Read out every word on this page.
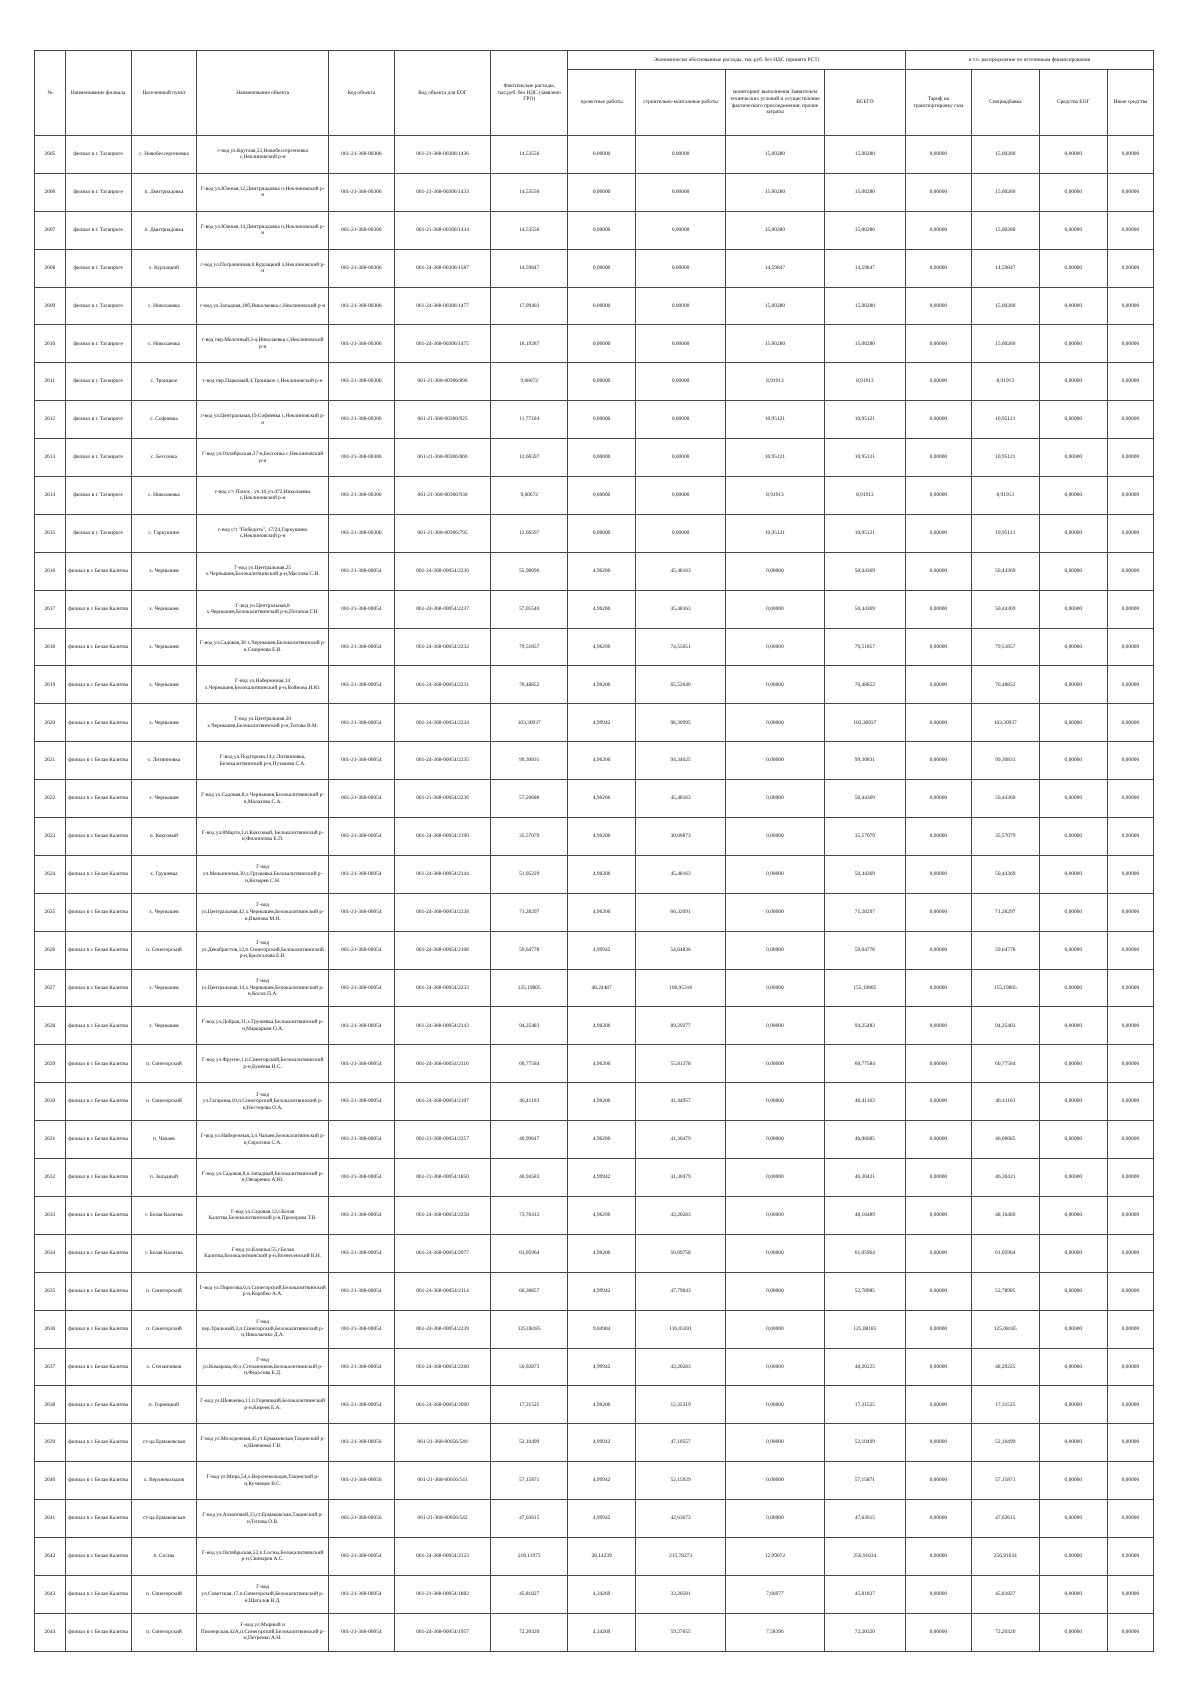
№	Наименование филиала	Населенный пункт	Наименование объекта	Код объекта	Код объекта для ЕОГ	Фактические расходы, тыс.руб. без НДС (заявлено ГРО)	Экономически обоснованные расходы, тыс.руб. без НДС (принято РСТ)				в т.ч. распределение по источникам финансирования			
							проектные работы	строительно-монтажные работы	мониторинг выполнения Заявителем технических условий и осуществление фактического присоединения; прочие затраты	ВСЕГО	Тариф на транспортировку газа	Спецнадбавка	Средства ЕОГ	Иные средства
2605	филиал в г. Таганроге	с. Новобессергеновка	г-вод ул.Круглая,53,Новобессергеновка с,Неклиновский р-н	061-21-368-00306	061-21-368-00306/1436	14,53556	0,00000	0,00000	15,00280	15,00280	0,00000	15,00280	0,00000	0,00000
2606	филиал в г. Таганроге	п. Дмитриадовка	Г-вод ул.Южная,12,Дмитриадовка п,Неклиновский р-н	061-21-368-00306	061-21-368-00306/1433	14,53556	0,00000	0,00000	15,00280	15,00280	0,00000	15,00280	0,00000	0,00000
2607	филиал в г. Таганроге	п. Дмитриадовка	Г-вод ул.Южная,14,Дмитриадовка п,Неклиновский р-н	061-21-368-00306	061-21-368-00306/1434	14,53556	0,00000	0,00000	15,00280	15,00280	0,00000	15,00280	0,00000	0,00000
2608	филиал в г. Таганроге	х. Курлацкий	г-вод ул.Пограничная,8,Курлацкий х,Неклиновский р-н	061-21-368-00306	061-24-368-00306/1587	14,59847	0,00000	0,00000	14,59847	14,59847	0,00000	14,59847	0,00000	0,00000
2609	филиал в г. Таганроге	с. Николаевка	г-вод ул.Западная,18б,Николаевка с,Неклиновский р-н	061-21-368-00306	061-24-368-00306/1477	17,09403	0,00000	0,00000	15,00280	15,00280	0,00000	15,00280	0,00000	0,00000
2610	филиал в г. Таганроге	с. Николаевка	г-вод пер.Молочный,3-а,Николаевка с,Неклиновский р-н	061-21-368-00306	061-24-368-00306/1475	18,19287	0,00000	0,00000	15,00280	15,00280	0,00000	15,00280	0,00000	0,00000
2611	филиал в г. Таганроге	с. Троицкое	г-вод пер.Парковый,4,Троицкое с,Неклиновский р-н	061-21-368-00306	061-21-368-00306/896	9,68672	0,00000	0,00000	8,91913	8,91913	0,00000	8,91913	0,00000	0,00000
2612	филиал в г. Таганроге	с. Софиевка	г-вод ул.Центральная,19,Софиевка с,Неклиновский р-н	061-21-368-00306	061-21-368-00306/925	11,77104	0,00000	0,00000	10,95121	10,95121	0,00000	10,95121	0,00000	0,00000
2613	филиал в г. Таганроге	с. Бессонка	Г-вод ул.Октябрьская,37-в,Бессонка с,Неклиновский р-н	061-21-368-00306	061-21-368-00306/866	12,66597	0,00000	0,00000	10,95121	10,95121	0,00000	10,95121	0,00000	0,00000
2614	филиал в г. Таганроге	с. Николаевка	г-вод с/т Поиск , уч.16,уч.472,Николаевка с,Неклиновский р-н	061-21-368-00306	061-21-368-00306/930	9,60672	0,00000	0,00000	8,91913	8,91913	0,00000	8,91913	0,00000	0,00000
2615	филиал в г. Таганроге	с. Гаркушино	г-вод с/т "Победить", 17/24,Гаркушино с,Неклиновский р-н	061-21-368-00306	061-21-368-00306/795	12,66597	0,00000	0,00000	10,95121	10,95121	0,00000	10,95121	0,00000	0,00000
2616	филиал в г. Белая Калитва	х. Чернышев	Г-вод ул.Центральная,25 х.Чернышев,Белокалитвинский р-н,Маслова С.И.	061-21-368-00054	061-24-368-00054/2236	55,98096	4,96206	45,48163	0,00000	50,44369	0,00000	50,44369	0,00000	0,00000
2617	филиал в г. Белая Калитва	х. Чернышев	Г-вод ул.Центральная,8 х.Чернышев,Белокалитвинский р-н,Потапов Г.Н.	061-21-368-00054	061-24-368-00054/2237	57,05540	4,96206	45,48163	0,00000	50,44369	0,00000	50,44369	0,00000	0,00000
2618	филиал в г. Белая Калитва	х. Чернышев	Г-вод ул.Садовая,38 х.Чернышев,Белокалитвинский р-н,Смирнова Е.В.	061-21-368-00054	061-24-368-00054/2232	79,51857	4,96206	74,55651	0,00000	79,51857	0,00000	79,51857	0,00000	0,00000
2619	филиал в г. Белая Калитва	х. Чернышев	Г-вод ул.Набережная,14 х.Чернышев,Белокалитвинский р-н,Войнова И.Ю.	061-21-368-00054	061-24-368-00054/2231	70,48852	4,96206	65,52646	0,00000	70,48852	0,00000	70,48852	0,00000	0,00000
2620	филиал в г. Белая Калитва	х. Чернышев	Г-вод ул.Центральная,20 х.Чернышев,Белокалитвинский р-н,Титова В.М.	061-21-368-00054	061-24-368-00054/2234	103,30937	4,99942	98,30995	0,00000	103,30937	0,00000	103,30937	0,00000	0,00000
2621	филиал в г. Белая Калитва	с. Литвиновка	Г-вод ул.Подгорная,14,с.Литвиновка, Белокалитвинский р-н,Пузанова С.А.	061-21-368-00054	061-24-368-00054/2235	99,30831	4,96206	94,34625	0,00000	99,30831	0,00000	99,30831	0,00000	0,00000
2622	филиал в г. Белая Калитва	х. Чернышев	Г-вод ул.Садовая,8,х.Чернышев,Белокалитвинский р-н,Малахова С.А.	061-21-368-00054	061-21-368-00054/2236	57,20688	4,96206	45,48163	0,00000	50,44369	0,00000	50,44369	0,00000	0,00000
2623	филиал в г. Белая Калитва	п. Коксовый	Г-вод ул.8Марта,1,п.Коксовый, Белокалитвинский р-н,Филиппова Е.П.	061-21-368-00054	061-24-368-00054/2190	35,57079	4,96206	30,60873	0,00000	35,57079	0,00000	35,57079	0,00000	0,00000
2624	филиал в г. Белая Калитва	х. Грушевка	Г-вод ул.Мельничная,30,х.Грушевка,Белокалитвинский р-н,Козырев С.Н.	061-21-368-00054	061-24-368-00054/2144	51,05229	4,96206	45,48163	0,00000	50,44369	0,00000	50,44369	0,00000	0,00000
2625	филиал в г. Белая Калитва	х. Чернышев	Г-вод ул.Центральная,42,х.Чернышев,Белокалитвинский р-н,Иванова М.Н.	061-21-368-00054	061-24-368-00054/2238	71,28297	4,96206	66,32091	0,00000	71,28297	0,00000	71,28297	0,00000	0,00000
2626	филиал в г. Белая Калитва	п. Синегорский	Г-вод ул.Декабристов,12,п.Синегорский,Белокалитвинский р-н,Брызгалова Е.В.	061-21-368-00054	061-24-368-00054/2108	59,64778	4,99942	54,64836	0,00000	59,64778	0,00000	59,64778	0,00000	0,00000
2627	филиал в г. Белая Калитва	х. Чернышев	Г-вод ул.Центральная,14,х.Чернышев,Белокалитвинский р-н,Косов П.А.	061-21-368-00054	061-24-368-00054/2233	135,19805	48,24487	106,95318	0,00000	155,19805	0,00000	155,19805	0,00000	0,00000
2628	филиал в г. Белая Калитва	х. Чернышев	Г-вод ул.Добрая,31,х.Грушевка,Белокалитвинский р-н,Маркарьян О.А.	061-21-368-00054	061-24-368-00054/2143	94,25483	4,96206	89,29277	0,00000	94,25483	0,00000	94,25483	0,00000	0,00000
2629	филиал в г. Белая Калитва	п. Синегорский	Г-вод ул.Фрунзе,1,п.Синегорский,Белокалитвинский р-н,Бунеева Н.С.	061-21-368-00054	061-24-368-00054/2116	60,77584	4,96206	55,81378	0,00000	60,77584	0,00000	60,77584	0,00000	0,00000
2630	филиал в г. Белая Калитва	п. Синегорский	Г-вод ул.Гагарина,10,п.Синегорский,Белокалитвинский р-н,Нестерова О.А.	061-21-368-00054	061-24-368-00054/2107	46,41163	4,96206	41,44957	0,00000	46,41163	0,00000	46,41163	0,00000	0,00000
2631	филиал в г. Белая Калитва	п. Чапаев	Г-вод ул.Набережная,3,п.Чапаев,Белокалитвинский р-н,Сиротина С.А.	061-21-368-00054	061-21-368-00054/2257	46,99647	4,96206	41,30479	0,00000	46,06685	0,00000	46,06685	0,00000	0,00000
2632	филиал в г. Белая Калитва	п. Западный	Г-вод ул.Садовая,8,п.Западный,Белокалитвинский р-н,Овчаренко А.Ю.	061-21-368-00054	061-21-368-00054/1850	46,94583	4,99942	41,30479	0,00000	46,30421	0,00000	46,30421	0,00000	0,00000
2633	филиал в г. Белая Калитва	г. Белая Калитва	Г-вод ул.Садовая,12,г.Белая Калитва,Белокалитвинский р-н,Прохорова Т.В.	061-21-368-00054	061-24-368-00054/2258	73,76412	4,96206	43,20283	0,00000	48,16489	0,00000	48,16489	0,00000	0,00000
2634	филиал в г. Белая Калитва	г. Белая Калитва	Г-вод ул.Казачья,55,г.Белая Калитва,Белокалитвинский р-н,Вознесенский В.Н.	061-21-368-00054	061-24-368-00054/2077	61,05964	4,96206	56,09758	0,00000	61,05964	0,00000	61,05964	0,00000	0,00000
2635	филиал в г. Белая Калитва	п. Синегорский	Г-вод ул.Пирогова,6,п.Синегорский,Белокалитвинский р-н,Коробко А.А.	061-21-368-00054	061-24-368-00054/2114	66,38857	4,99942	47,79043	0,00000	52,78985	0,00000	52,78985	0,00000	0,00000
2636	филиал в г. Белая Калитва	п. Синегорский	Г-вод пер.Уральный,3,п.Синегорский,Белокалитвинский р-н,Николаенко Д.А.	061-21-368-00054	061-24-368-00054/2239	125,08185	9,04984	116,03201	0,00000	125,08185	0,00000	125,08185	0,00000	0,00000
2637	филиал в г. Белая Калитва	х. Степанчиков	Г-вод ул.Комарова,46,х.Степанчиков,Белокалитвинский р-н,Федосова Е.Д.	061-21-368-00054	061-24-368-00054/2260	50,92873	4,99942	43,20283	0,00000	48,20225	0,00000	48,20225	0,00000	0,00000
2638	филиал в г. Белая Калитва	п. Горняцкий	Г-вод ул.Шевченко,11,п.Горняцкий,Белокалитвинский р-н,Киреев Е.А.	061-21-368-00054	061-24-368-00054/2090	17,31525	4,96206	12,35319	0,00000	17,31525	0,00000	17,31525	0,00000	0,00000
2639	филиал в г. Белая Калитва	ст-ца Ермаковская	Г-вод ул.Молодежная,45,ст.Ермаковская,Тацинский р-н,Шевченко Г.В.	061-21-368-00056	061-21-368-00056/540	52,10499	4,99942	47,10557	0,00000	52,10499	0,00000	52,10499	0,00000	0,00000
2640	филиал в г. Белая Калитва	х. Верхнекольцов	Г-вод ул.Мира,54,х.Верхнекольцов,Тацинский р-н,Кузнецов В.С.	061-21-368-00056	061-21-368-00056/541	57,15871	4,99942	52,15929	0,00000	57,15871	0,00000	57,15871	0,00000	0,00000
2641	филиал в г. Белая Калитва	ст-ца Ермаковская	Г-вод ул.Ахматовой,33,ст.Ермаковская,Тацинский р-н,Титова О.В.	061-21-368-00056	061-21-368-00056/542	47,63615	4,99942	42,63673	0,00000	47,63615	0,00000	47,63615	0,00000	0,00000
2642	филиал в г. Белая Калитва	п. Сосны	Г-вод ул.Октябрьская,52,п.Сосны,Белокалитвинский р-н,Свинарев А.С.	061-21-368-00054	061-24-368-00054/2123	218,11975	28,14239	215,78273	12,99072	256,91634	0,00000	256,91634	0,00000	0,00000
2643	филиал в г. Белая Калитва	п. Синегорский	Г-вод ул.Советская,17,п.Синегорский,Белокалитвинский р-н,Шаталов В.Д.	061-21-368-00054	061-21-368-00054/1882	45,81827	4,34269	33,20581	7,66977	45,81827	0,00000	45,81827	0,00000	0,00000
2644	филиал в г. Белая Калитва	п. Синегорский	Г-вод ул.Мирный и Пионерская,42А,п.Синегорский,Белокалитвинский р-н,Петренко А.Н.	061-21-368-00054	061-24-368-00054/1957	72,20320	4,34269	59,27655	7,58396	72,20320	0,00000	72,20320	0,00000	0,00000
